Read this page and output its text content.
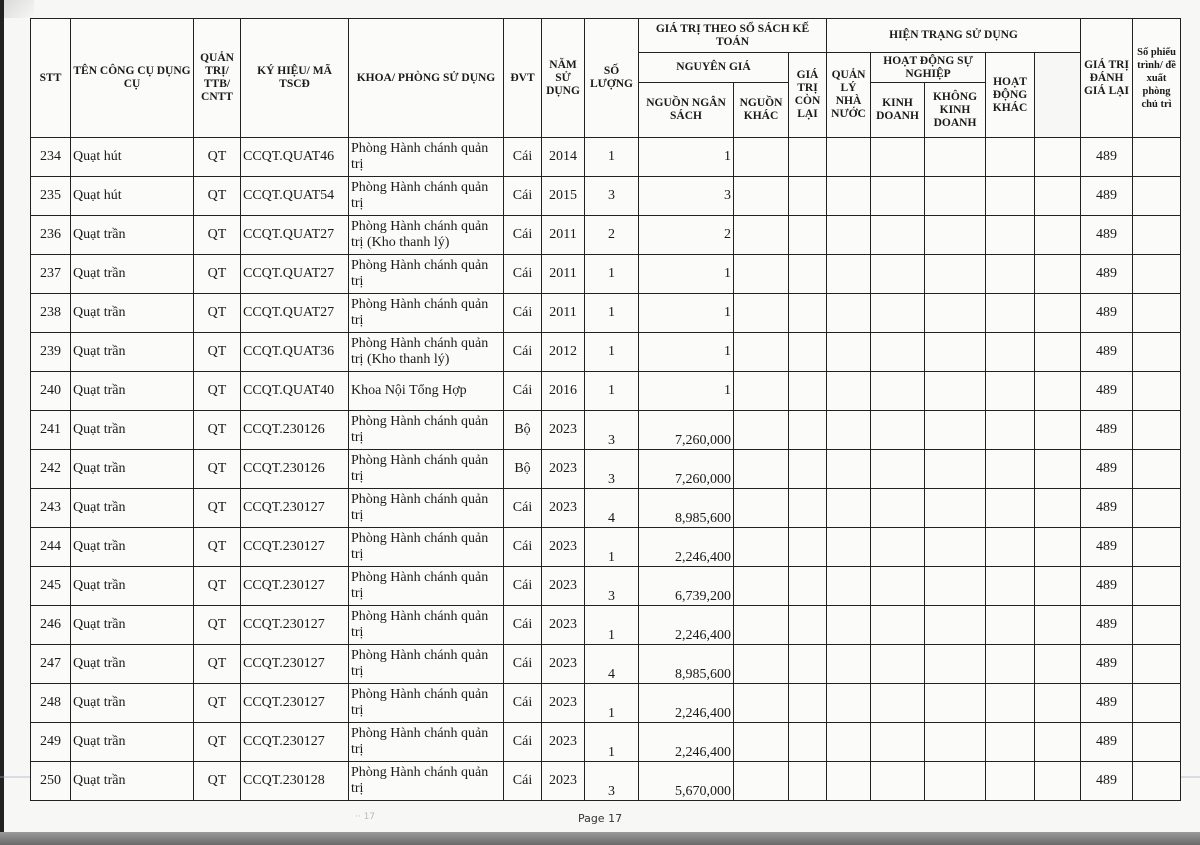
STT	TÊN CÔNG CỤ DỤNG CỤ	QUẢN TRỊ/ TTB/ CNTT	KÝ HIỆU/ MÃ TSCĐ	KHOA/ PHÒNG SỬ DỤNG	ĐVT	NĂM SỬ DỤNG	SỐ LƯỢNG	GIÁ TRỊ THEO SỔ SÁCH KẾ TOÁN			HIỆN TRẠNG SỬ DỤNG					GIÁ TRỊ ĐÁNH GIÁ LẠI	Số phiếu trình/ đề xuất phòng chủ trì	
								NGUYÊN GIÁ		GIÁ TRỊ CÒN LẠI	QUẢN LÝ NHÀ NƯỚC	HOẠT ĐỘNG SỰ NGHIỆP		HOẠT ĐỘNG KHÁC				
								NGUỒN NGÂN SÁCH	NGUỒN KHÁC			KINH DOANH	KHÔNG KINH DOANH					
234	Quạt hút	QT	CCQT.QUAT46	Phòng Hành chánh quản trị	Cái	2014	1	1								489		
235	Quạt hút	QT	CCQT.QUAT54	Phòng Hành chánh quản trị	Cái	2015	3	3								489		
236	Quạt trần	QT	CCQT.QUAT27	Phòng Hành chánh quản trị (Kho thanh lý)	Cái	2011	2	2								489		
237	Quạt trần	QT	CCQT.QUAT27	Phòng Hành chánh quản trị	Cái	2011	1	1								489		
238	Quạt trần	QT	CCQT.QUAT27	Phòng Hành chánh quản trị	Cái	2011	1	1								489		
239	Quạt trần	QT	CCQT.QUAT36	Phòng Hành chánh quản trị (Kho thanh lý)	Cái	2012	1	1								489		
240	Quạt trần	QT	CCQT.QUAT40	Khoa Nội Tổng Hợp	Cái	2016	1	1								489		
241	Quạt trần	QT	CCQT.230126	Phòng Hành chánh quản trị	Bộ	2023	3	7,260,000								489		
242	Quạt trần	QT	CCQT.230126	Phòng Hành chánh quản trị	Bộ	2023	3	7,260,000								489		
243	Quạt trần	QT	CCQT.230127	Phòng Hành chánh quản trị	Cái	2023	4	8,985,600								489		
244	Quạt trần	QT	CCQT.230127	Phòng Hành chánh quản trị	Cái	2023	1	2,246,400								489		
245	Quạt trần	QT	CCQT.230127	Phòng Hành chánh quản trị	Cái	2023	3	6,739,200								489		
246	Quạt trần	QT	CCQT.230127	Phòng Hành chánh quản trị	Cái	2023	1	2,246,400								489		
247	Quạt trần	QT	CCQT.230127	Phòng Hành chánh quản trị	Cái	2023	4	8,985,600								489		
248	Quạt trần	QT	CCQT.230127	Phòng Hành chánh quản trị	Cái	2023	1	2,246,400								489		
249	Quạt trần	QT	CCQT.230127	Phòng Hành chánh quản trị	Cái	2023	1	2,246,400								489		
250	Quạt trần	QT	CCQT.230128	Phòng Hành chánh quản trị	Cái	2023	3	5,670,000								489		
·· 17	Page 17
